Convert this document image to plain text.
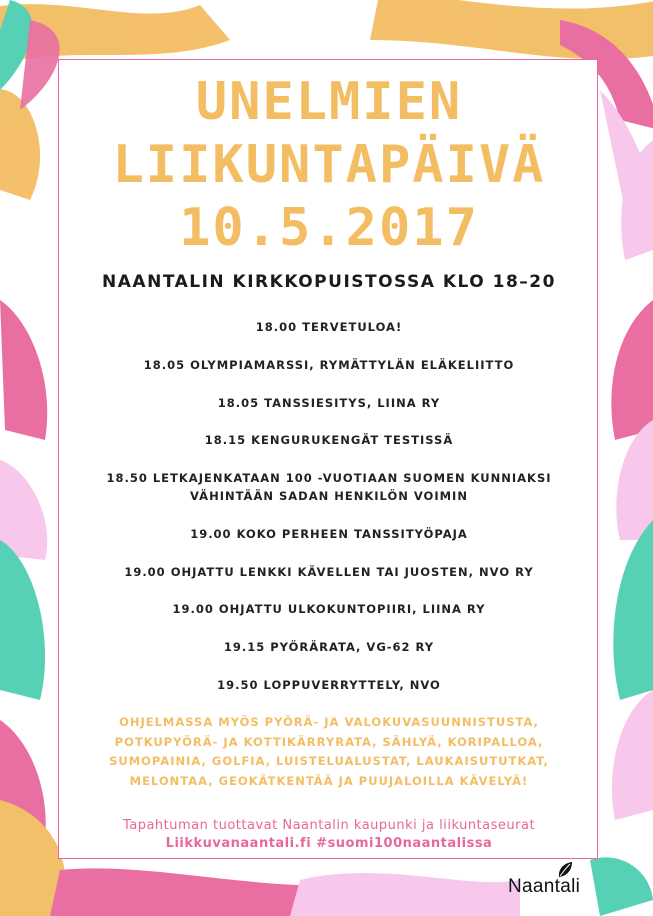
UNELMIEN
LIIKUNTAPÄIVÄ
10.5.2017
NAANTALIN KIRKKOPUISTOSSA KLO 18–20
18.00 TERVETULOA!
18.05 OLYMPIAMARSSI, RYMÄTTYLÄN ELÄKELIITTO
18.05 TANSSIESITYS, LIINA RY
18.15 KENGURUKENGÄT TESTISSÄ
18.50 LETKAJENKATAAN 100 -VUOTIAAN SUOMEN KUNNIAKSI
VÄHINTÄÄN SADAN HENKILÖN VOIMIN
19.00 KOKO PERHEEN TANSSITYÖPAJA
19.00 OHJATTU LENKKI KÄVELLEN TAI JUOSTEN, NVO RY
19.00 OHJATTU ULKOKUNTOPIIRI, LIINA RY
19.15 PYÖRÄRATA, VG-62 RY
19.50 LOPPUVERRYTTELY, NVO
OHJELMASSA MYÖS PYÖRÄ- JA VALOKUVASUUNNISTUSTA,
POTKUPYÖRÄ- JA KOTTIKÄRRYRATA, SÄHLYÄ, KORIPALLOA,
SUMOPAINIA, GOLFIA, LUISTELUALUSTAT, LAUKAISUTUTKAT,
MELONTAA, GEOKÄTKENTÄÄ JA PUUJALOILLA KÄVELYÄ!
Tapahtuman tuottavat Naantalin kaupunki ja liikuntaseurat
Liikkuvanaantali.fi #suomi100naantalissa
Naantali
